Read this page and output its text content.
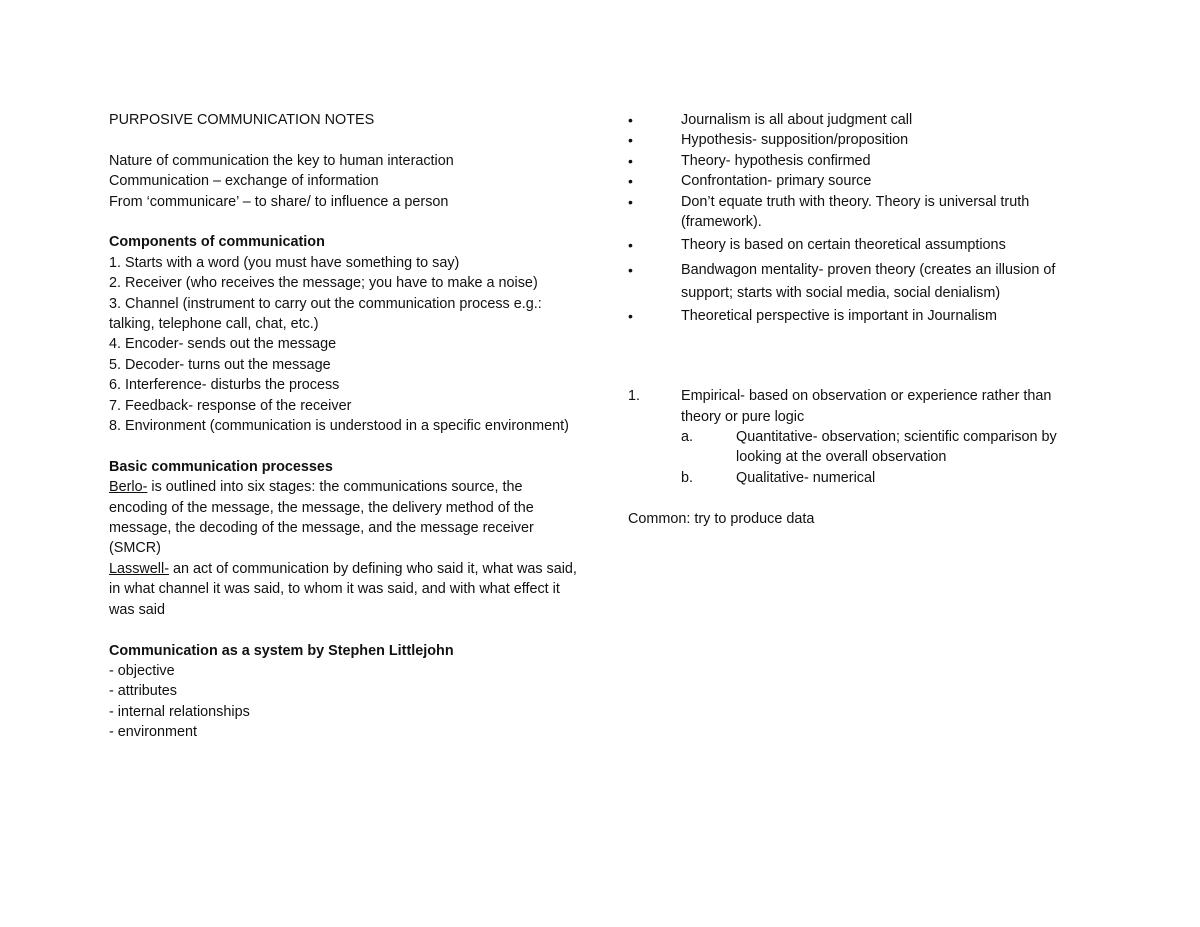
PURPOSIVE COMMUNICATION NOTES
Nature of communication the key to human interaction
Communication – exchange of information
From ‘communicare’ – to share/ to influence a person
Components of communication
1. Starts with a word (you must have something to say)
2. Receiver (who receives the message; you have to make a noise)
3. Channel (instrument to carry out the communication process e.g.: talking, telephone call, chat, etc.)
4. Encoder- sends out the message
5. Decoder- turns out the message
6. Interference- disturbs the process
7. Feedback- response of the receiver
8. Environment (communication is understood in a specific environment)
Basic communication processes
Berlo- is outlined into six stages: the communications source, the encoding of the message, the message, the delivery method of the message, the decoding of the message, and the message receiver (SMCR)
Lasswell- an act of communication by defining who said it, what was said, in what channel it was said, to whom it was said, and with what effect it was said
Communication as a system by Stephen Littlejohn
- objective
- attributes
- internal relationships
- environment
•	Journalism is all about judgment call
•	Hypothesis- supposition/proposition
•	Theory- hypothesis confirmed
•	Confrontation- primary source
•	Don’t equate truth with theory. Theory is universal truth (framework).
•	Theory is based on certain theoretical assumptions
•	Bandwagon mentality- proven theory (creates an illusion of support; starts with social media, social denialism)
•	Theoretical perspective is important in Journalism
1.	Empirical- based on observation or experience rather than theory or pure logic
a.	Quantitative- observation; scientific comparison by looking at the overall observation
b.	Qualitative- numerical
Common: try to produce data
